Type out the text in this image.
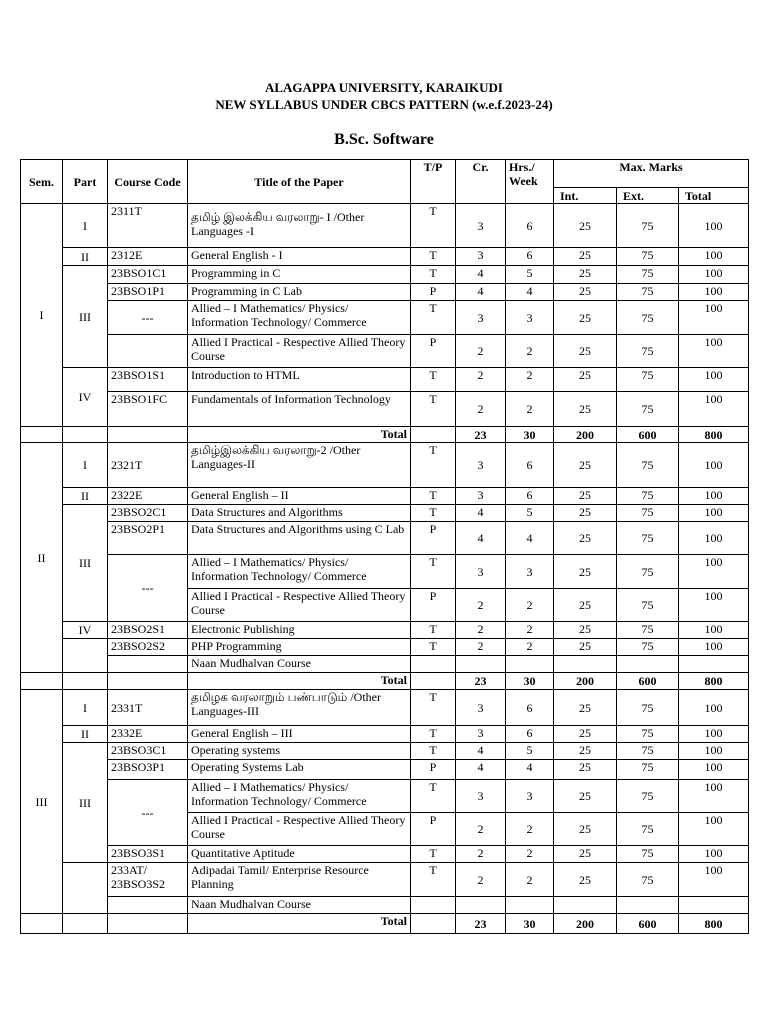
ALAGAPPA UNIVERSITY, KARAIKUDI
NEW SYLLABUS UNDER CBCS PATTERN (w.e.f.2023-24)
B.Sc. Software
Sem.	Part	Course Code	Title of the Paper	T/P	Cr.	Hrs./ Week	Max. Marks		
							Int.	Ext.	Total
I	I	2311T	தமிழ் இலக்கிய வரலாறு- I /Other Languages -I	T	3	6	25	75	100
	II	2312E	General English - I	T	3	6	25	75	100
	III	23BSO1C1	Programming in C	T	4	5	25	75	100
		23BSO1P1	Programming in C Lab	P	4	4	25	75	100
		---	Allied – I Mathematics/ Physics/ Information Technology/ Commerce	T	3	3	25	75	100
			Allied I Practical - Respective Allied Theory Course	P	2	2	25	75	100
	IV	23BSO1S1	Introduction to HTML	T	2	2	25	75	100
		23BSO1FC	Fundamentals of Information Technology	T	2	2	25	75	100
			Total		23	30	200	600	800
II	I	2321T	தமிழ்இலக்கிய வரலாறு-2 /Other Languages-II	T	3	6	25	75	100
	II	2322E	General English – II	T	3	6	25	75	100
	III	23BSO2C1	Data Structures and Algorithms	T	4	5	25	75	100
		23BSO2P1	Data Structures and Algorithms using C Lab	P	4	4	25	75	100
		---	Allied – I Mathematics/ Physics/ Information Technology/ Commerce	T	3	3	25	75	100
			Allied I Practical - Respective Allied Theory Course	P	2	2	25	75	100
	IV	23BSO2S1	Electronic Publishing	T	2	2	25	75	100
		23BSO2S2	PHP Programming	T	2	2	25	75	100
			Naan Mudhalvan Course						
			Total		23	30	200	600	800
III	I	2331T	தமிழக வரலாறும் பண்பாடும் /Other Languages-III	T	3	6	25	75	100
	II	2332E	General English – III	T	3	6	25	75	100
	III	23BSO3C1	Operating systems	T	4	5	25	75	100
		23BSO3P1	Operating Systems Lab	P	4	4	25	75	100
		---	Allied – I Mathematics/ Physics/ Information Technology/ Commerce	T	3	3	25	75	100
			Allied I Practical - Respective Allied Theory Course	P	2	2	25	75	100
		23BSO3S1	Quantitative Aptitude	T	2	2	25	75	100
		233AT/ 23BSO3S2	Adipadai Tamil/ Enterprise Resource Planning	T	2	2	25	75	100
			Naan Mudhalvan Course						
			Total		23	30	200	600	800
